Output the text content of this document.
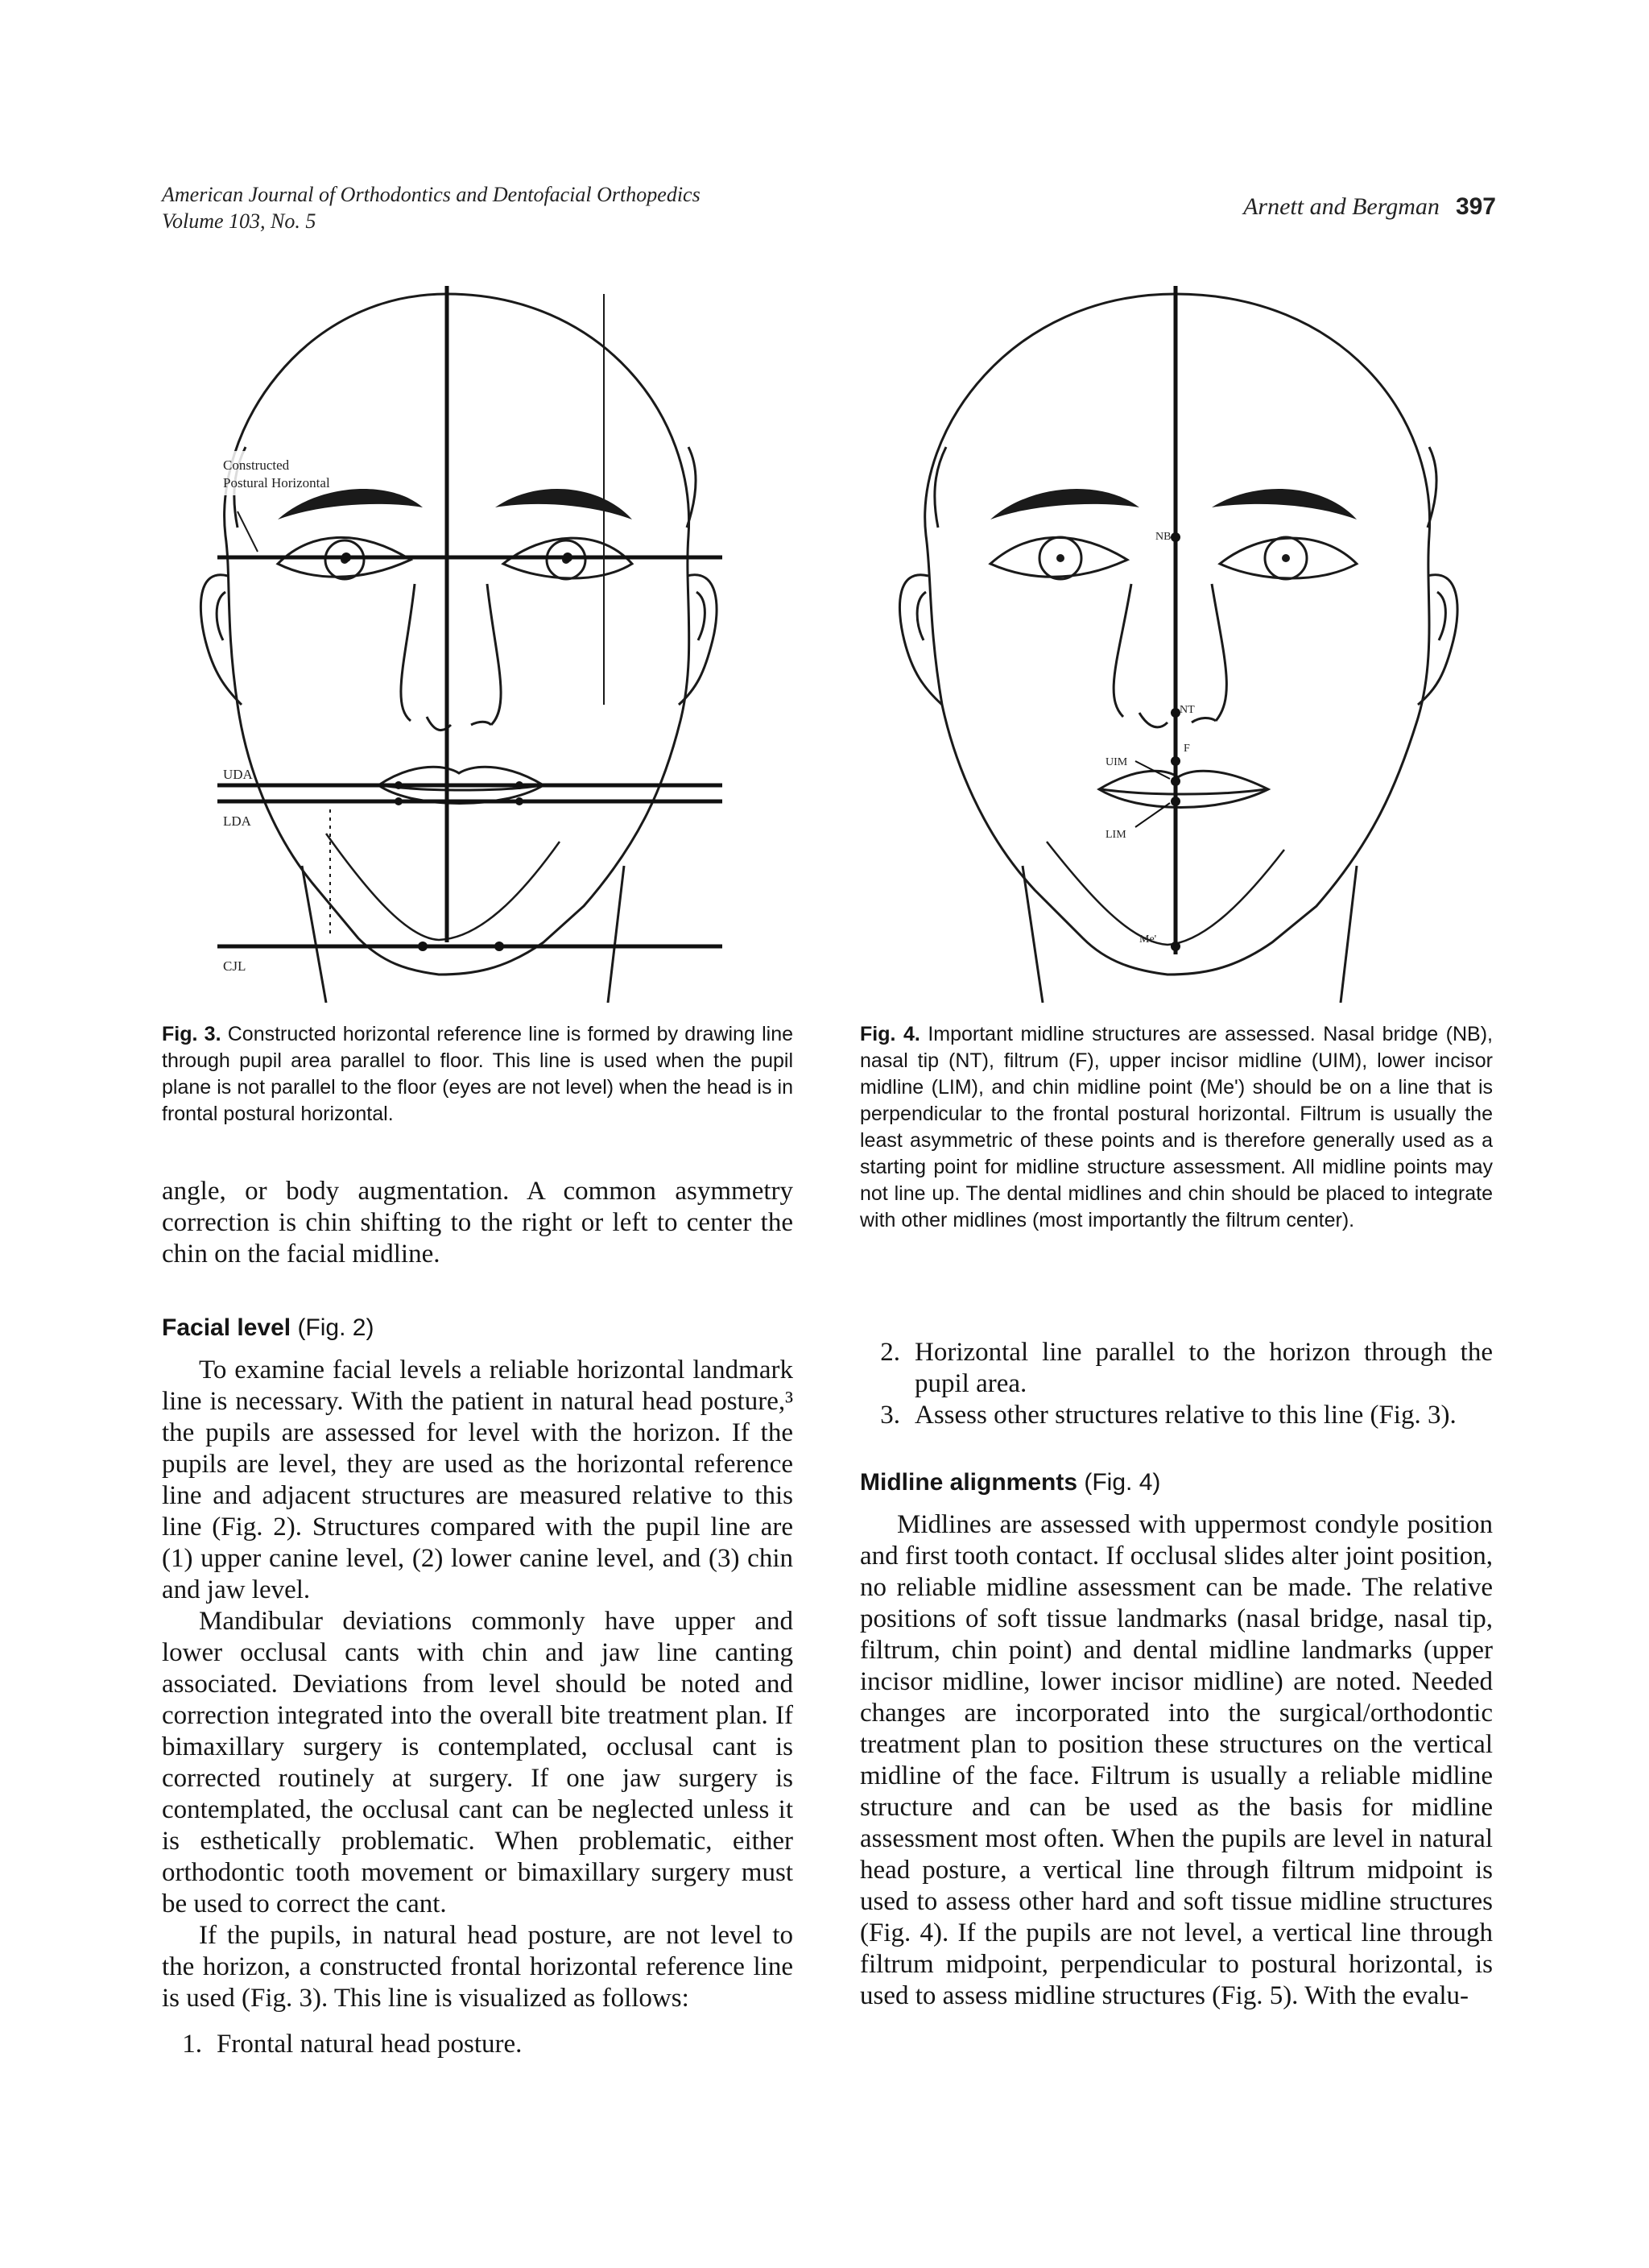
American Journal of Orthodontics and Dentofacial Orthopedics
Volume 103, No. 5
Arnett and Bergman 397
Constructed
Postural Horizontal
UDA
LDA
CJL
NB
NT
F
UIM
LIM
Me'
Fig. 3. Constructed horizontal reference line is formed by drawing line through pupil area parallel to floor. This line is used when the pupil plane is not parallel to the floor (eyes are not level) when the head is in frontal postural horizontal.
Fig. 4. Important midline structures are assessed. Nasal bridge (NB), nasal tip (NT), filtrum (F), upper incisor midline (UIM), lower incisor midline (LIM), and chin midline point (Me') should be on a line that is perpendicular to the frontal postural horizontal. Filtrum is usually the least asymmetric of these points and is therefore generally used as a starting point for midline structure assessment. All midline points may not line up. The dental midlines and chin should be placed to integrate with other midlines (most importantly the filtrum center).
angle, or body augmentation. A common asymmetry correction is chin shifting to the right or left to center the chin on the facial midline.
Facial level (Fig. 2)

To examine facial levels a reliable horizontal landmark line is necessary. With the patient in natural head posture,³ the pupils are assessed for level with the horizon. If the pupils are level, they are used as the horizontal reference line and adjacent structures are measured relative to this line (Fig. 2). Structures compared with the pupil line are (1) upper canine level, (2) lower canine level, and (3) chin and jaw level.

Mandibular deviations commonly have upper and lower occlusal cants with chin and jaw line canting associated. Deviations from level should be noted and correction integrated into the overall bite treatment plan. If bimaxillary surgery is contemplated, occlusal cant is corrected routinely at surgery. If one jaw surgery is contemplated, the occlusal cant can be neglected unless it is esthetically problematic. When problematic, either orthodontic tooth movement or bimaxillary surgery must be used to correct the cant.

If the pupils, in natural head posture, are not level to the horizon, a constructed frontal horizontal reference line is used (Fig. 3). This line is visualized as follows:

1. Frontal natural head posture.
2. Horizontal line parallel to the horizon through the pupil area.
3. Assess other structures relative to this line (Fig. 3).
Midline alignments (Fig. 4)

Midlines are assessed with uppermost condyle position and first tooth contact. If occlusal slides alter joint position, no reliable midline assessment can be made. The relative positions of soft tissue landmarks (nasal bridge, nasal tip, filtrum, chin point) and dental midline landmarks (upper incisor midline, lower incisor midline) are noted. Needed changes are incorporated into the surgical/orthodontic treatment plan to position these structures on the vertical midline of the face. Filtrum is usually a reliable midline structure and can be used as the basis for midline assessment most often. When the pupils are level in natural head posture, a vertical line through filtrum midpoint is used to assess other hard and soft tissue midline structures (Fig. 4). If the pupils are not level, a vertical line through filtrum midpoint, perpendicular to postural horizontal, is used to assess midline structures (Fig. 5). With the evalu-
